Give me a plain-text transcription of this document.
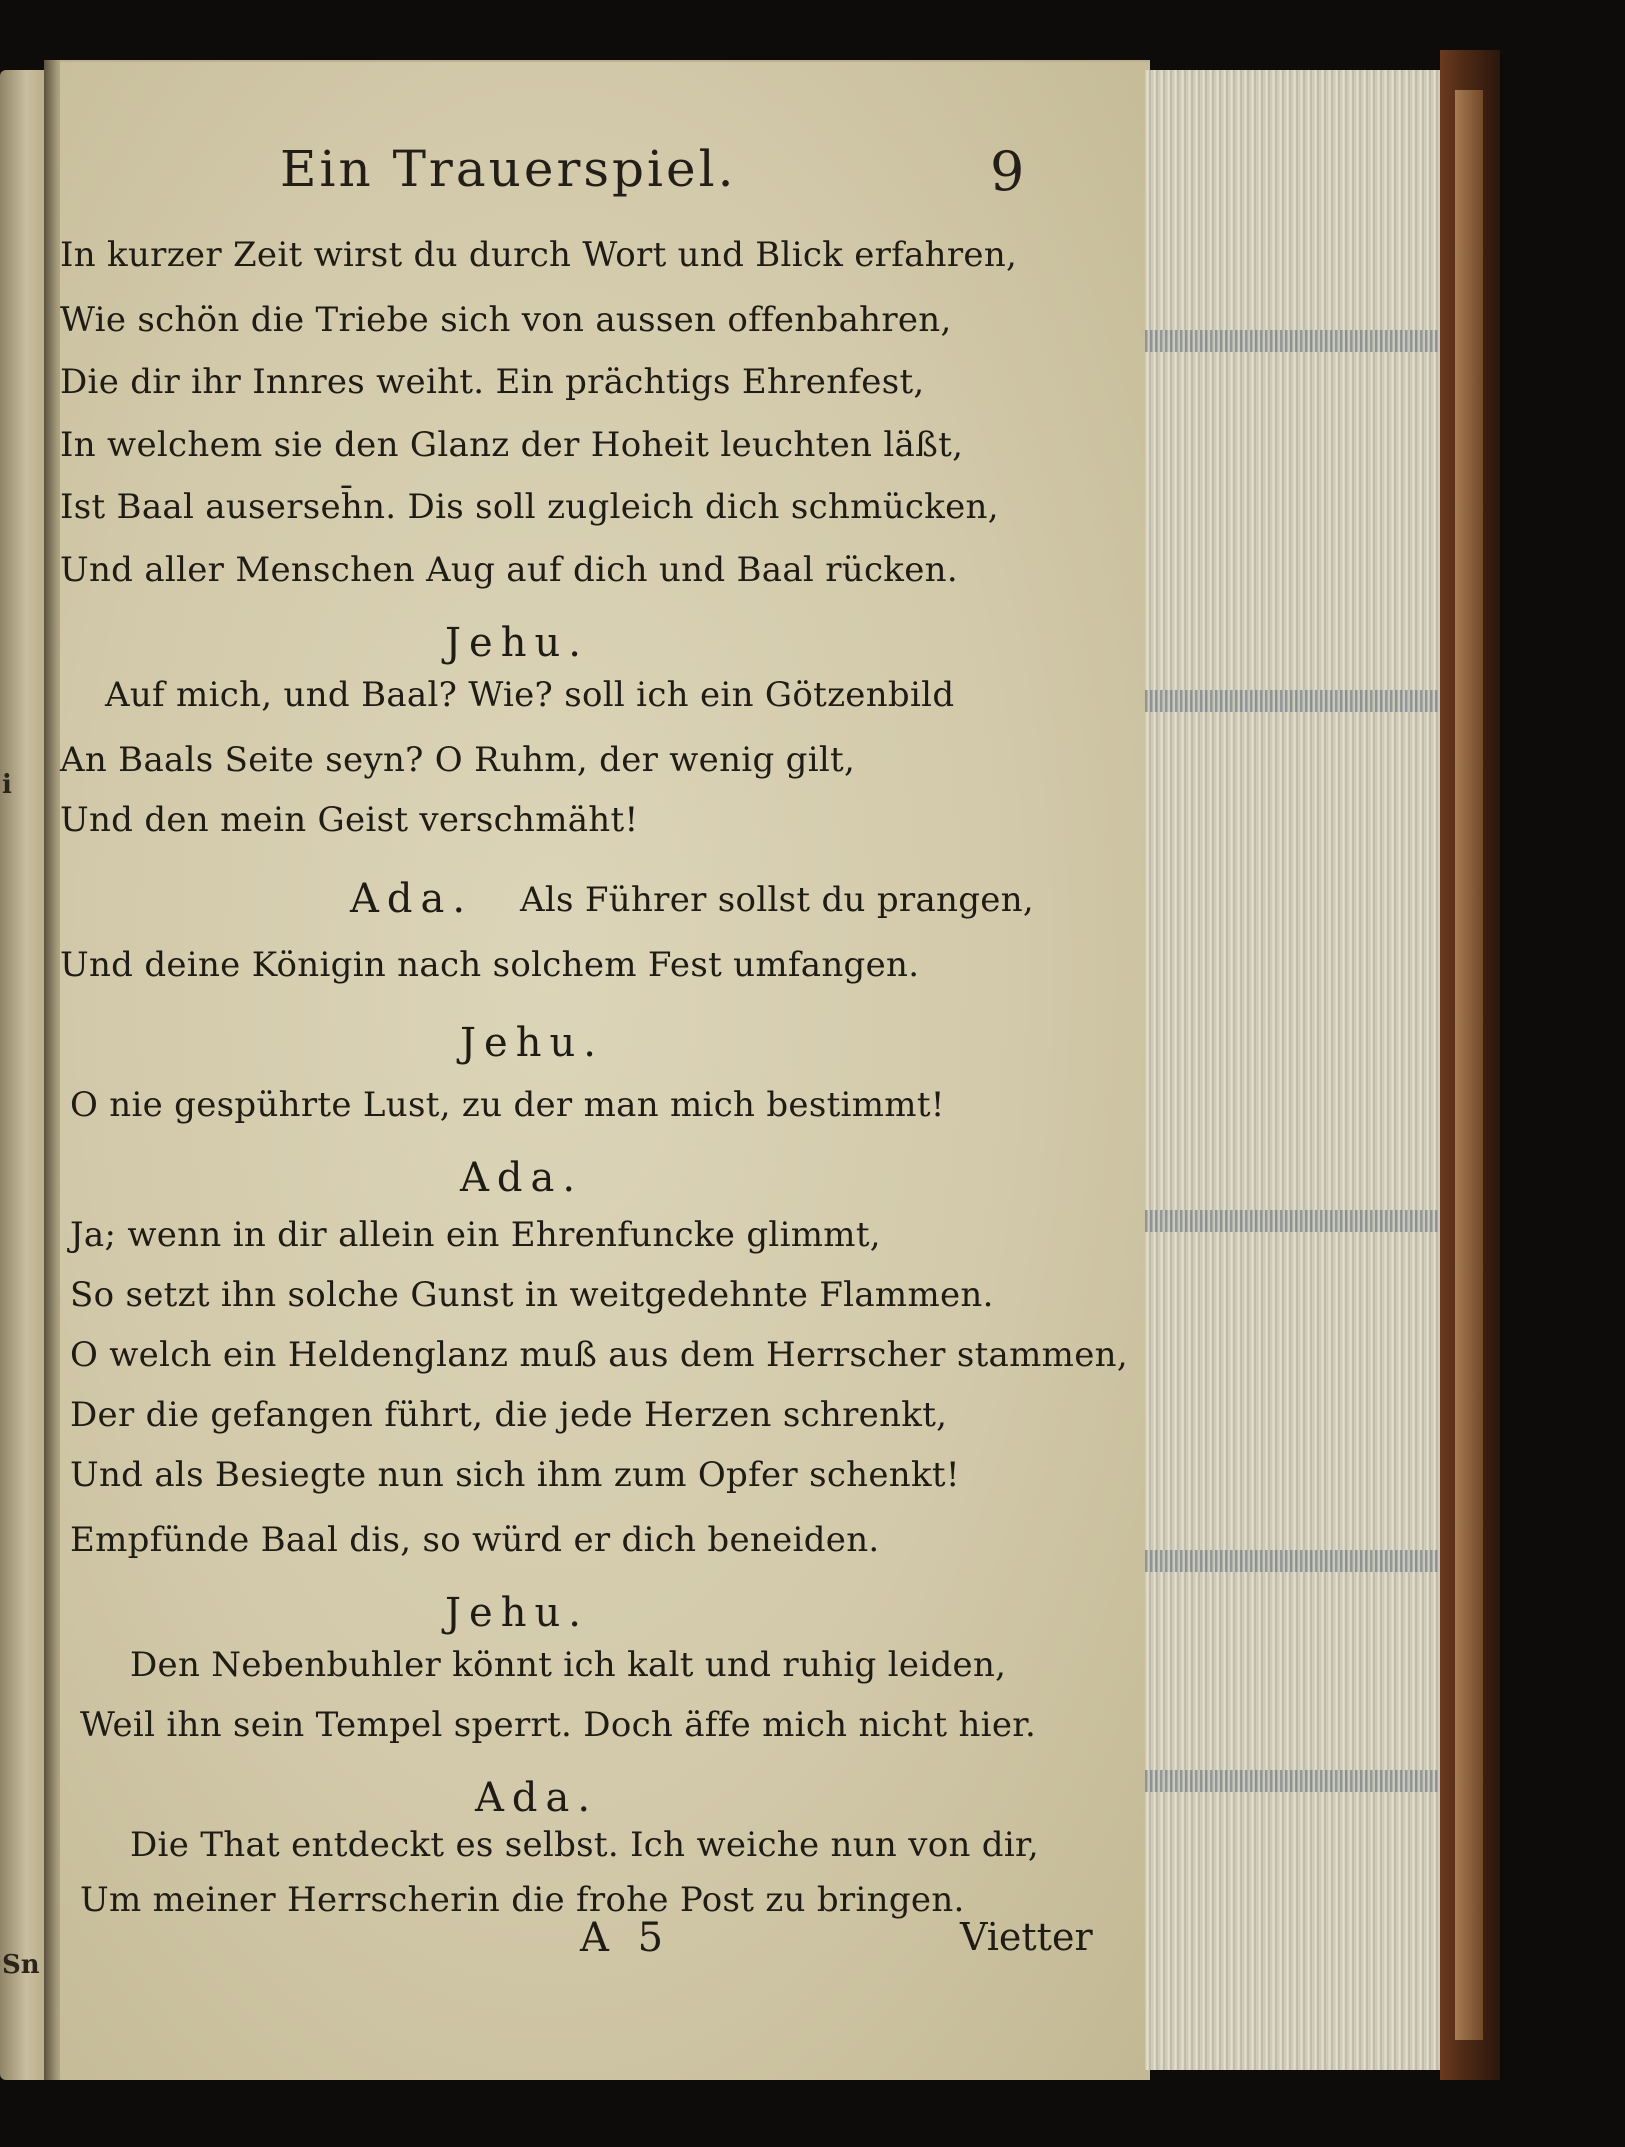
i
Sn
Ein Trauerspiel.	9
In kurzer Zeit wirst du durch Wort und Blick erfahren,
Wie schön die Triebe sich von aussen offenbahren,
Die dir ihr Innres weiht. Ein prächtigs Ehrenfest,
In welchem sie den Glanz der Hoheit leuchten läßt,
Ist Baal auserseh̄n. Dis soll zugleich dich schmücken,
Und aller Menschen Aug auf dich und Baal rücken.
Jehu.
Auf mich, und Baal? Wie? soll ich ein Götzenbild
An Baals Seite seyn? O Ruhm, der wenig gilt,
Und den mein Geist verschmäht!
Ada. Als Führer sollst du prangen,
Und deine Königin nach solchem Fest umfangen.
Jehu.
O nie gespührte Lust, zu der man mich bestimmt!
Ada.
Ja; wenn in dir allein ein Ehrenfuncke glimmt,
So setzt ihn solche Gunst in weitgedehnte Flammen.
O welch ein Heldenglanz muß aus dem Herrscher stammen,
Der die gefangen führt, die jede Herzen schrenkt,
Und als Besiegte nun sich ihm zum Opfer schenkt!
Empfünde Baal dis, so würd er dich beneiden.
Jehu.
Den Nebenbuhler könnt ich kalt und ruhig leiden,
Weil ihn sein Tempel sperrt. Doch äffe mich nicht hier.
Ada.
Die That entdeckt es selbst. Ich weiche nun von dir,
Um meiner Herrscherin die frohe Post zu bringen.
A 5	Vietter
